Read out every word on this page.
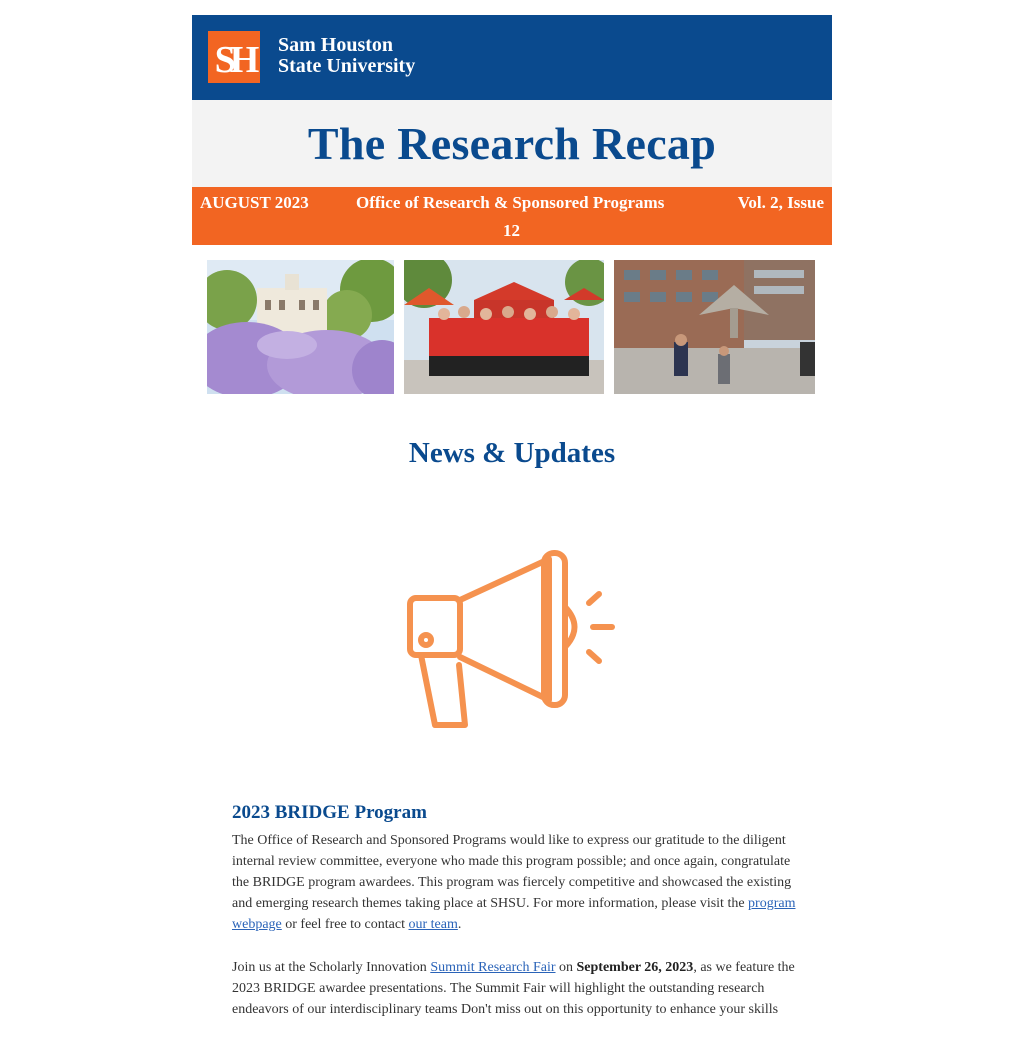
SH Sam Houston
State University
The Research Recap
AUGUST 2023	Office of Research & Sponsored Programs	Vol. 2, Issue
12
News & Updates
2023 BRIDGE Program

The Office of Research and Sponsored Programs would like to express our gratitude to the diligent internal review committee, everyone who made this program possible; and once again, congratulate the BRIDGE program awardees. This program was fiercely competitive and showcased the existing and emerging research themes taking place at SHSU. For more information, please visit the program webpage or feel free to contact our team.

Join us at the Scholarly Innovation Summit Research Fair on September 26, 2023, as we feature the 2023 BRIDGE awardee presentations. The Summit Fair will highlight the outstanding research endeavors of our interdisciplinary teams Don't miss out on this opportunity to enhance your skills
